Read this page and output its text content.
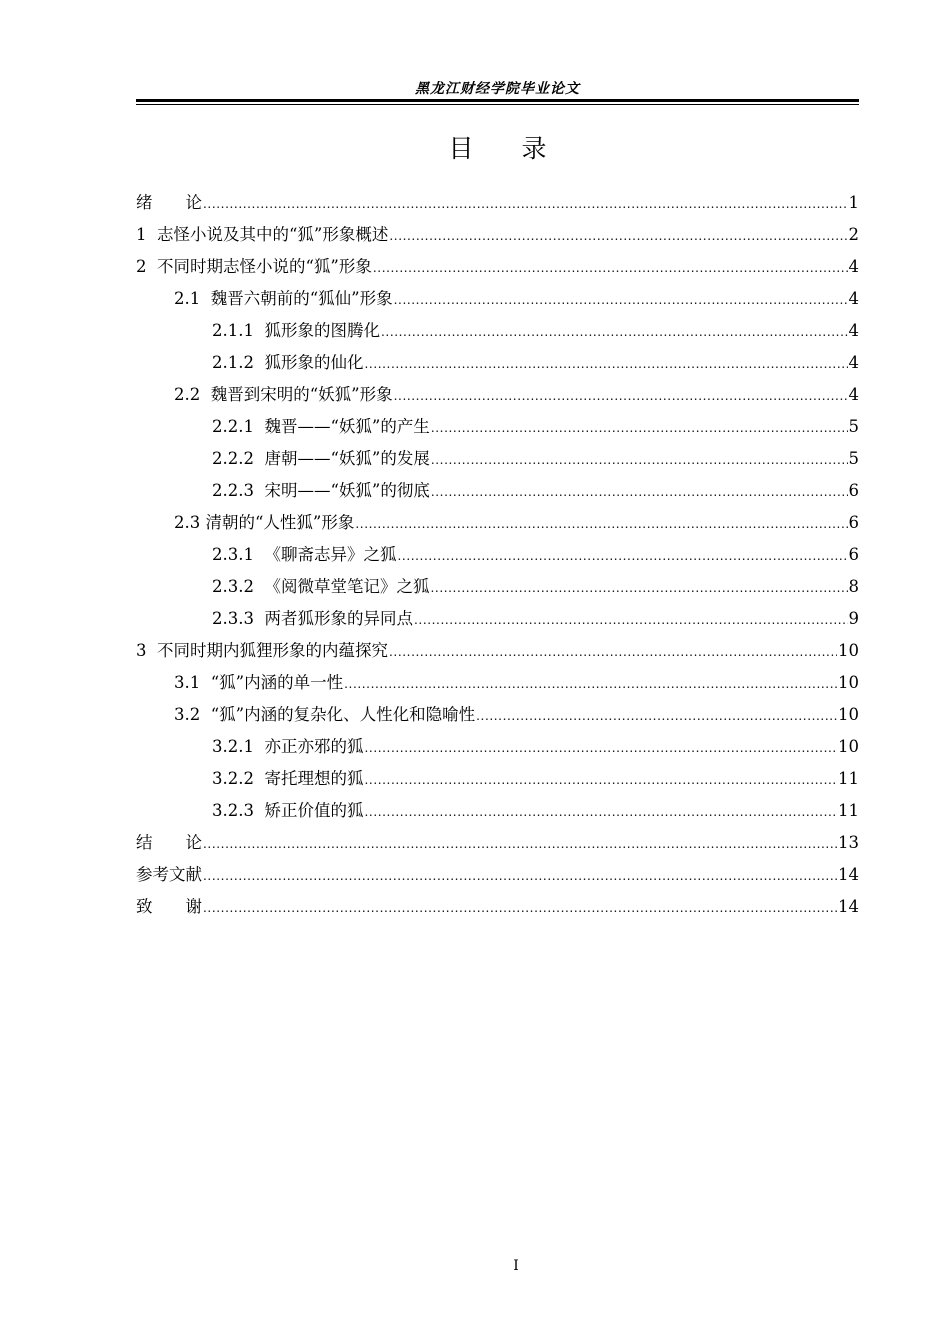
黑龙江财经学院毕业论文
目 录
绪　　论 .....	1
1  志怪小说及其中的“狐”形象概述 .....	2
2  不同时期志怪小说的“狐”形象 .....	4
2.1  魏晋六朝前的“狐仙”形象 .....	4
2.1.1  狐形象的图腾化 .....	4
2.1.2  狐形象的仙化 .....	4
2.2  魏晋到宋明的“妖狐”形象 .....	4
2.2.1  魏晋——“妖狐”的产生 .....	5
2.2.2  唐朝——“妖狐”的发展 .....	5
2.2.3  宋明——“妖狐”的彻底 .....	6
2.3 清朝的“人性狐”形象 .....	6
2.3.1  《聊斋志异》之狐 .....	6
2.3.2  《阅微草堂笔记》之狐 .....	8
2.3.3  两者狐形象的异同点 .....	9
3  不同时期内狐狸形象的内蕴探究 .....	10
3.1  “狐”内涵的单一性 .....	10
3.2  “狐”内涵的复杂化、人性化和隐喻性 .....	10
3.2.1  亦正亦邪的狐 .....	10
3.2.2  寄托理想的狐 .....	11
3.2.3  矫正价值的狐 .....	11
结　　论 .....	13
参考文献 .....	14
致　　谢 .....	14
I
